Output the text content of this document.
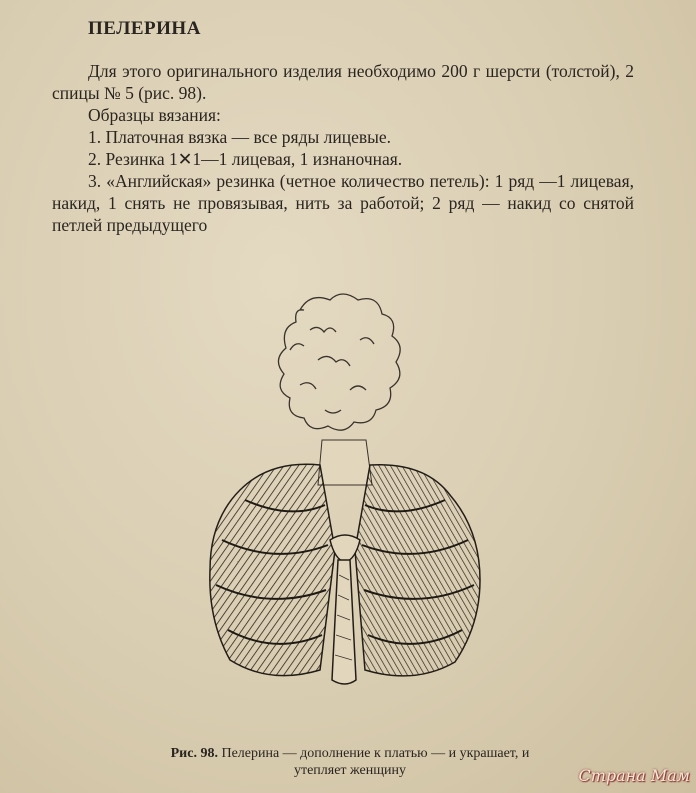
ПЕЛЕРИНА

Для этого оригинального изделия необходимо 200 г шерсти (толстой), 2 спицы № 5 (рис. 98).

Образцы вязания:

1. Платочная вязка — все ряды лицевые.

2. Резинка 1✕1—1 лицевая, 1 изнаночная.

3. «Английская» резинка (четное количество петель): 1 ряд —1 лицевая, накид, 1 снять не провязывая, нить за работой; 2 ряд — накид со снятой петлей предыдущего

Рис. 98. Пелерина — дополнение к платью — и украшает, и утепляет женщину	Страна Мам
